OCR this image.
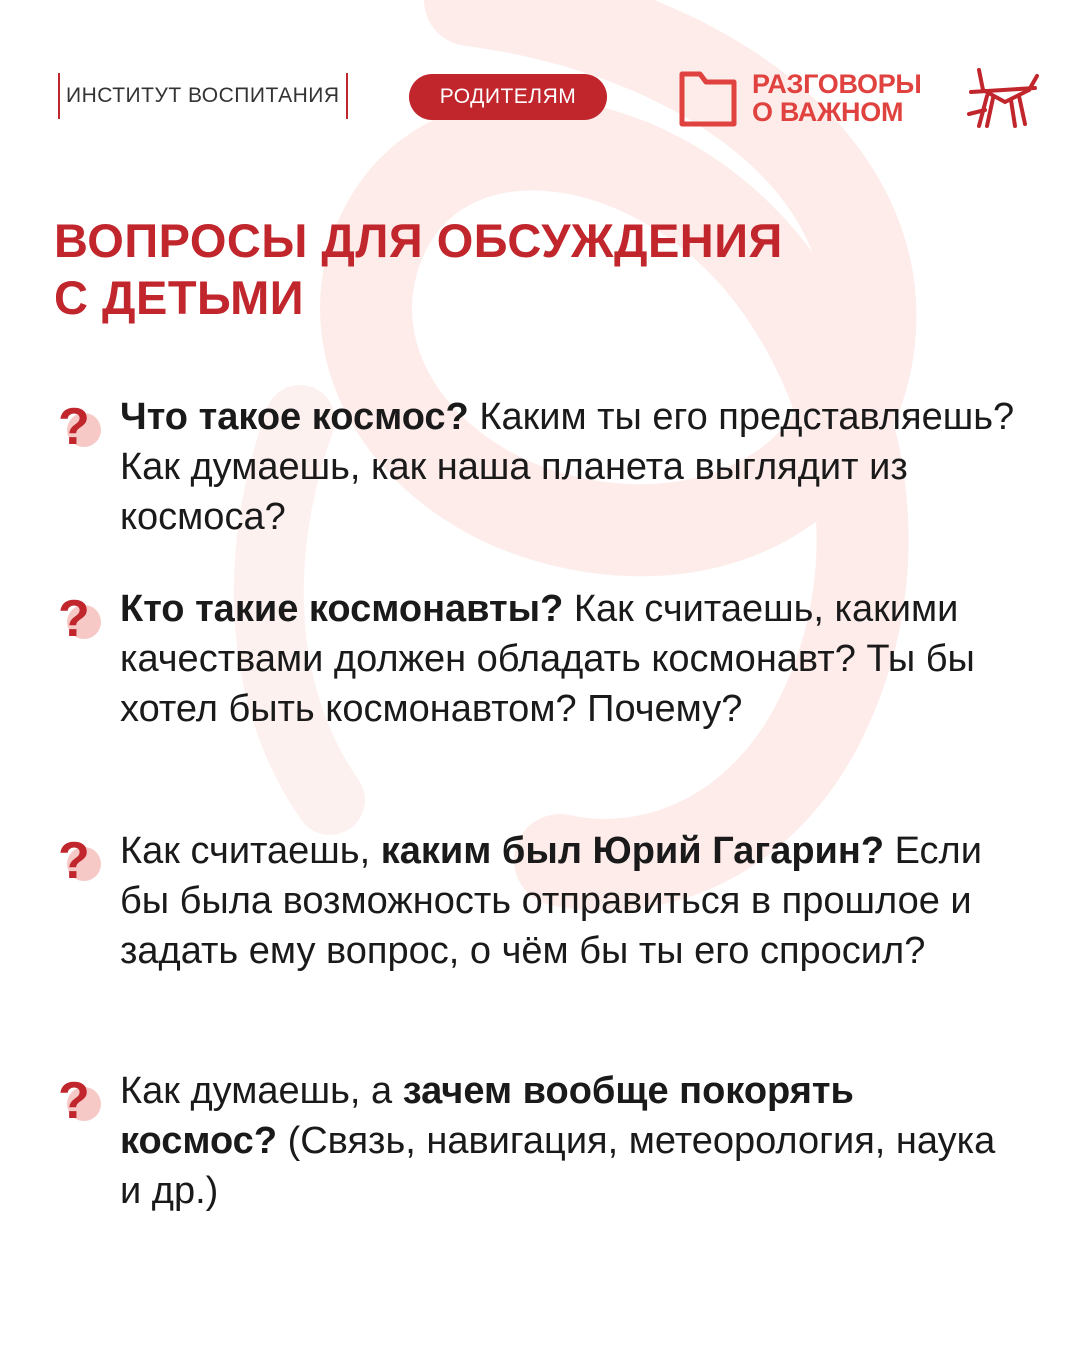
ИНСТИТУТ ВОСПИТАНИЯ	РОДИТЕЛЯМ	РАЗГОВОРЫ
О ВАЖНОМ
ВОПРОСЫ ДЛЯ ОБСУЖДЕНИЯ
С ДЕТЬМИ
? Что такое космос? Каким ты его представляешь? Как думаешь, как наша планета выглядит из космоса?
? Кто такие космонавты? Как считаешь, какими качествами должен обладать космонавт? Ты бы хотел быть космонавтом? Почему?
? Как считаешь, каким был Юрий Гагарин? Если бы была возможность отправиться в прошлое и задать ему вопрос, о чём бы ты его спросил?
? Как думаешь, а зачем вообще покорять космос? (Связь, навигация, метеорология, наука и др.)
